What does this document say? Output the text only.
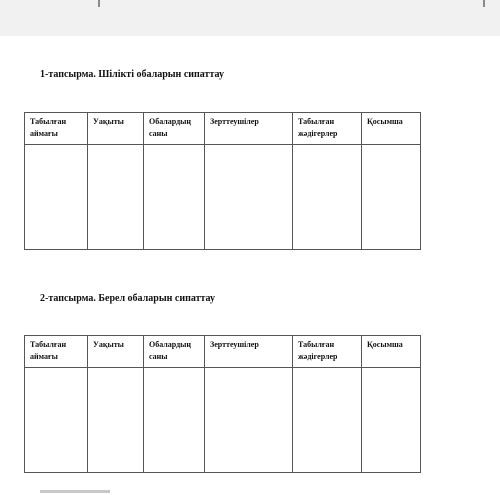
1-тапсырма. Шілікті обаларын сипаттау
Табылған аймағы	Уақыты	Обалардың саны	Зерттеушілер	Табылған жәдігерлер	Қосымша

2-тапсырма. Берел обаларын сипаттау
Табылған аймағы	Уақыты	Обалардың саны	Зерттеушілер	Табылған жәдігерлер	Қосымша
